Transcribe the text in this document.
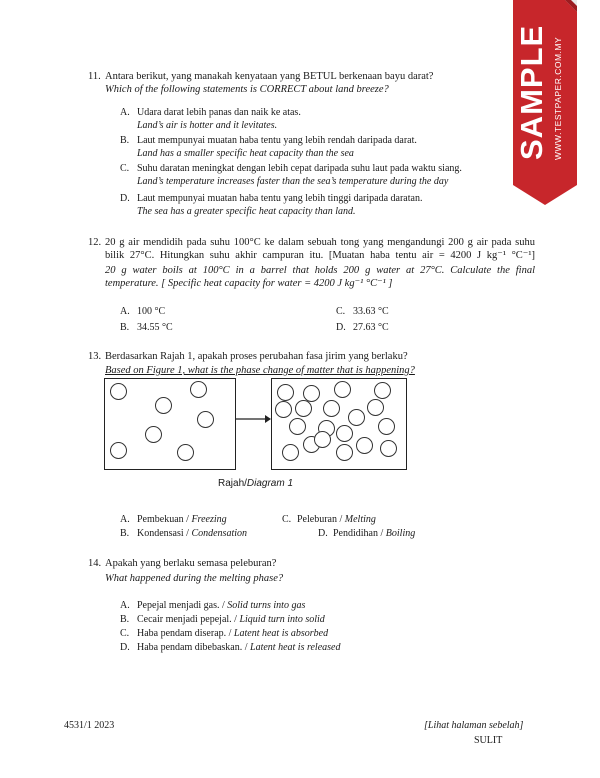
SAMPLE WWW.TESTPAPER.COM.MY
11. Antara berikut, yang manakah kenyataan yang BETUL berkenaan bayu darat?
Which of the following statements is CORRECT about land breeze?
A. Udara darat lebih panas dan naik ke atas.
Land’s air is hotter and it levitates.
B. Laut mempunyai muatan haba tentu yang lebih rendah daripada darat.
Land has a smaller specific heat capacity than the sea
C. Suhu daratan meningkat dengan lebih cepat daripada suhu laut pada waktu siang.
Land’s temperature increases faster than the sea’s temperature during the day
D. Laut mempunyai muatan haba tentu yang lebih tinggi daripada daratan.
The sea has a greater specific heat capacity than land.
12. 20 g air mendidih pada suhu 100°C ke dalam sebuah tong yang mengandungi 200 g air pada suhu
bilik 27°C. Hitungkan suhu akhir campuran itu. [Muatan haba tentu air = 4200 J kg⁻¹ °C⁻¹]
20 g water boils at 100°C in a barrel that holds 200 g water at 27°C. Calculate the final
temperature. [ Specific heat capacity for water = 4200 J kg⁻¹ °C⁻¹ ]
A. 100 °C
B. 34.55 °C
C. 33.63 °C
D. 27.63 °C
13. Berdasarkan Rajah 1, apakah proses perubahan fasa jirim yang berlaku?
Based on Figure 1, what is the phase change of matter that is happening?
Rajah/Diagram 1
A. Pembekuan / Freezing
B. Kondensasi / Condensation
C. Peleburan / Melting
D. Pendidihan / Boiling
14. Apakah yang berlaku semasa peleburan?
What happened during the melting phase?
A. Pepejal menjadi gas. / Solid turns into gas
B. Cecair menjadi pepejal. / Liquid turn into solid
C. Haba pendam diserap. / Latent heat is absorbed
D. Haba pendam dibebaskan. / Latent heat is released
4531/1 2023	[Lihat halaman sebelah]
SULIT
